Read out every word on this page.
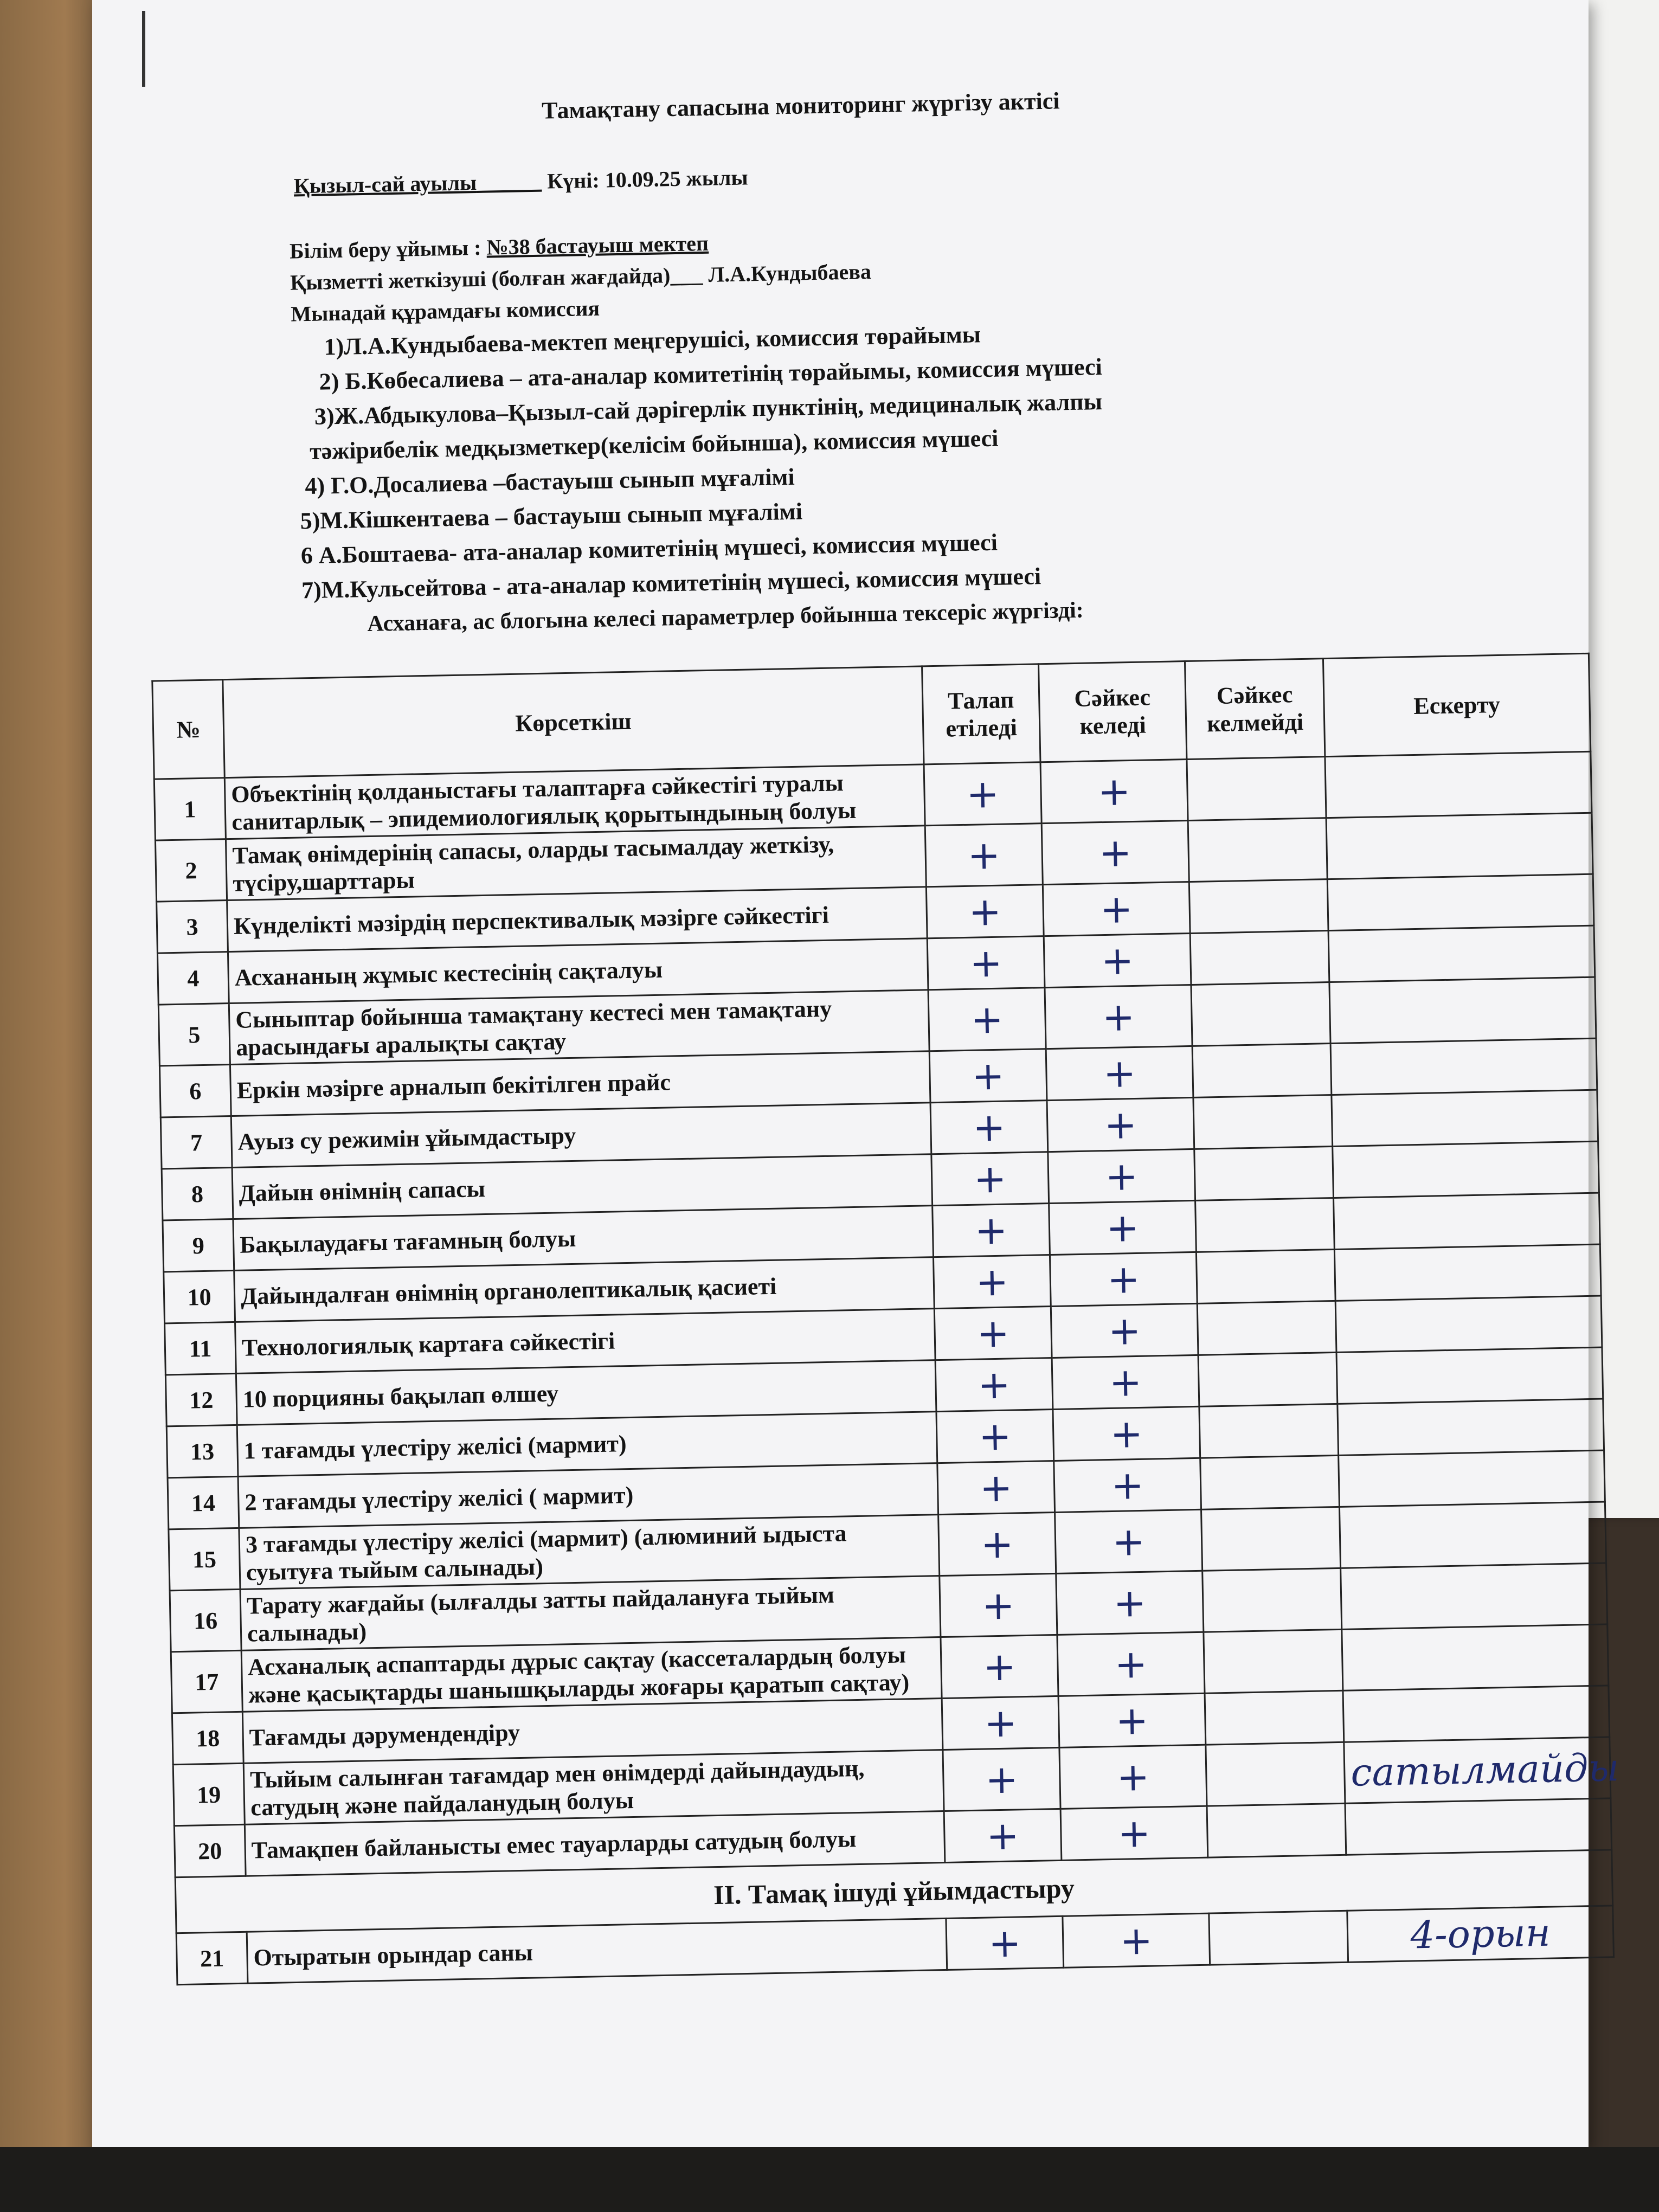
Тамақтану сапасына мониторинг жүргізу актісі
Қызыл-сай ауылы	Күні: 10.09.25 жылы
Білім беру ұйымы : №38 бастауыш мектеп
Қызметті жеткізуші (болған жағдайда)___ Л.А.Кундыбаева
Мынадай құрамдағы комиссия
1)Л.А.Кундыбаева-мектеп меңгерушісі, комиссия төрайымы
2) Б.Көбесалиева – ата-аналар комитетінің төрайымы, комиссия мүшесі
3)Ж.Абдыкулова–Қызыл-сай дәрігерлік пунктінің, медициналық жалпы
тәжірибелік медқызметкер(келісім бойынша), комиссия мүшесі
4) Г.О.Досалиева –бастауыш сынып мұғалімі
5)М.Кішкентаева – бастауыш сынып мұғалімі
6 А.Боштаева- ата-аналар комитетінің мүшесі, комиссия мүшесі
7)М.Кульсейтова - ата-аналар комитетінің мүшесі, комиссия мүшесі
Асханаға, ас блогына келесі параметрлер бойынша тексеріс жүргізді:
№	Көрсеткіш	Талап етіледі	Сәйкес келеді	Сәйкес келмейді	Ескерту
1	Объектінің қолданыстағы талаптарға сәйкестігі туралы санитарлық – эпидемиологиялық қорытындының болуы	+	+		
2	Тамақ өнімдерінің сапасы, оларды тасымалдау жеткізу, түсіру,шарттары	+	+		
3	Күнделікті мәзірдің перспективалық мәзірге сәйкестігі	+	+		
4	Асхананың жұмыс кестесінің сақталуы	+	+		
5	Сыныптар бойынша тамақтану кестесі мен тамақтану арасындағы аралықты сақтау	+	+		
6	Еркін мәзірге арналып бекітілген прайс	+	+		
7	Ауыз су режимін ұйымдастыру	+	+		
8	Дайын өнімнің сапасы	+	+		
9	Бақылаудағы тағамның болуы	+	+		
10	Дайындалған өнімнің органолептикалық қасиеті	+	+		
11	Технологиялық картаға сәйкестігі	+	+		
12	10 порцияны бақылап өлшеу	+	+		
13	1 тағамды үлестіру желісі (мармит)	+	+		
14	2 тағамды үлестіру желісі ( мармит)	+	+		
15	3 тағамды үлестіру желісі (мармит) (алюминий ыдыста суытуға тыйым салынады)	+	+		
16	Тарату жағдайы (ылғалды затты пайдалануға тыйым салынады)	+	+		
17	Асханалық аспаптарды дұрыс сақтау (кассеталардың болуы және қасықтарды шанышқыларды жоғары қаратып сақтау)	+	+		
18	Тағамды дәрумендендіру	+	+		
19	Тыйым салынған тағамдар мен өнімдерді дайындаудың, сатудың және пайдаланудың болуы	+	+		сатылмайды
20	Тамақпен байланысты емес тауарларды сатудың болуы	+	+		
II. Тамақ ішуді ұйымдастыру					
21	Отыратын орындар саны	+	+		4-орын
